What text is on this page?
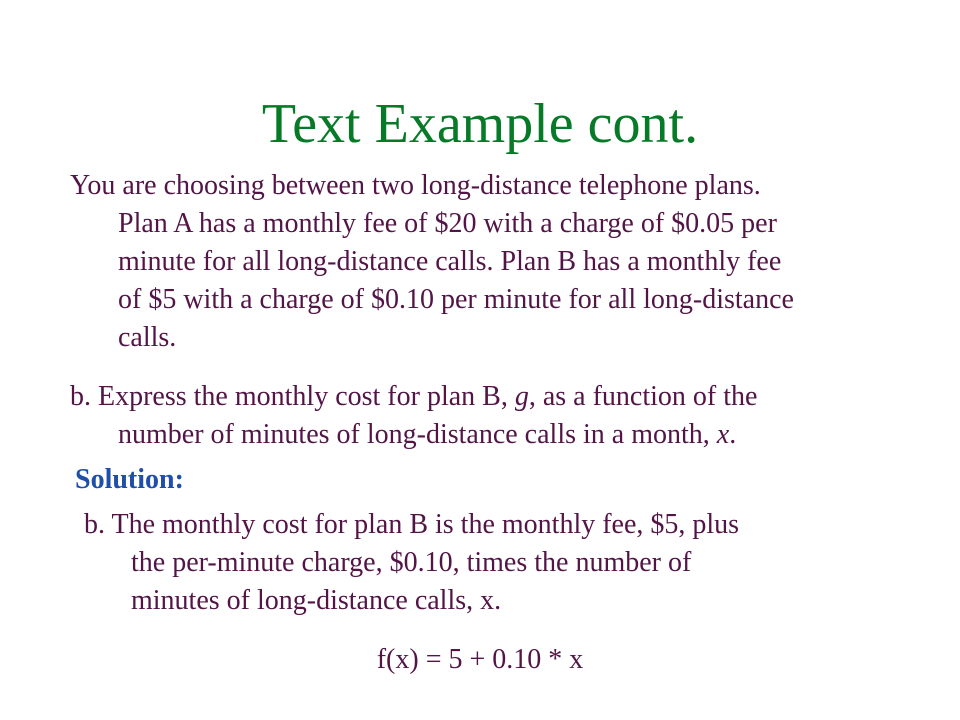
Text Example cont.
You are choosing between two long-distance telephone plans.
Plan A has a monthly fee of $20 with a charge of $0.05 per
minute for all long-distance calls. Plan B has a monthly fee
of $5 with a charge of $0.10 per minute for all long-distance
calls.
b. Express the monthly cost for plan B, g, as a function of the
number of minutes of long-distance calls in a month, x.
Solution:
b. The monthly cost for plan B is the monthly fee, $5, plus
the per-minute charge, $0.10, times the number of
minutes of long-distance calls, x.
f(x) = 5 + 0.10 * x
